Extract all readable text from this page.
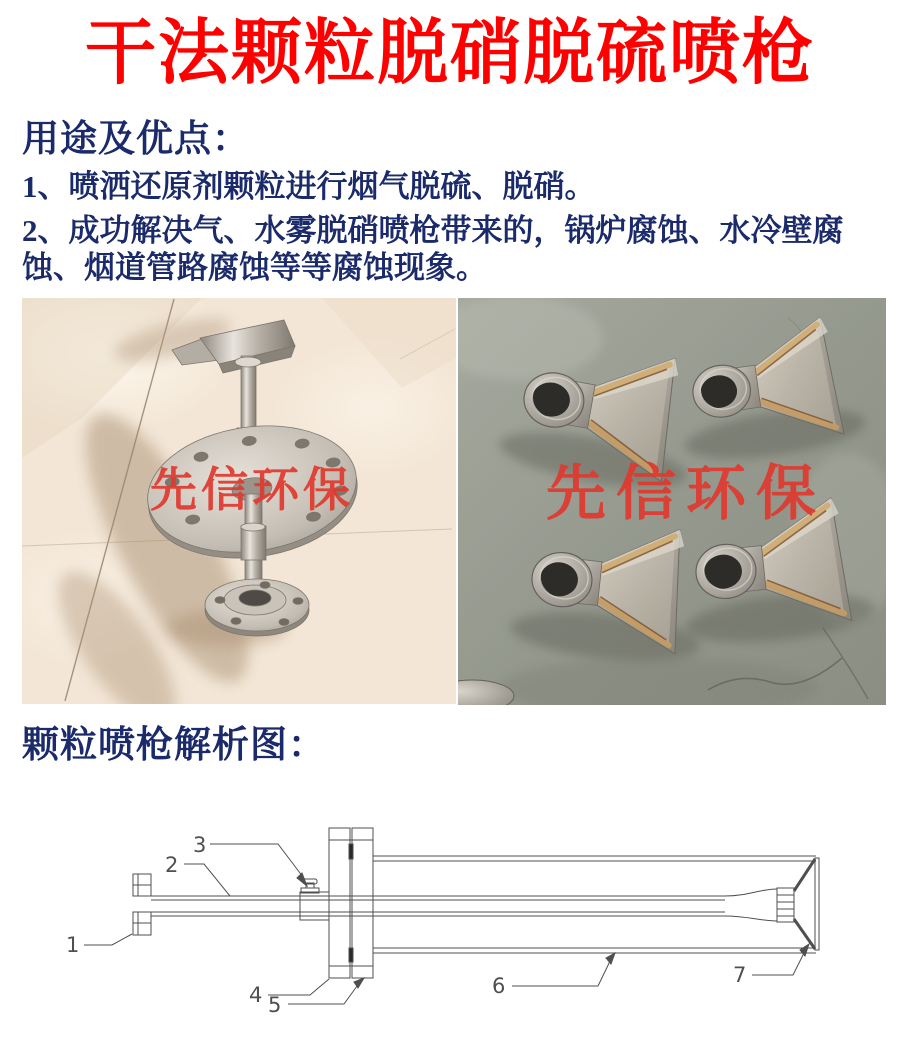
干法颗粒脱硝脱硫喷枪
用途及优点：
1、喷洒还原剂颗粒进行烟气脱硫、脱硝。
2、成功解决气、水雾脱硝喷枪带来的，锅炉腐蚀、水冷壁腐蚀、烟道管路腐蚀等等腐蚀现象。
先信环保	先信环保
颗粒喷枪解析图：
1
2
3
4 5
6	7
